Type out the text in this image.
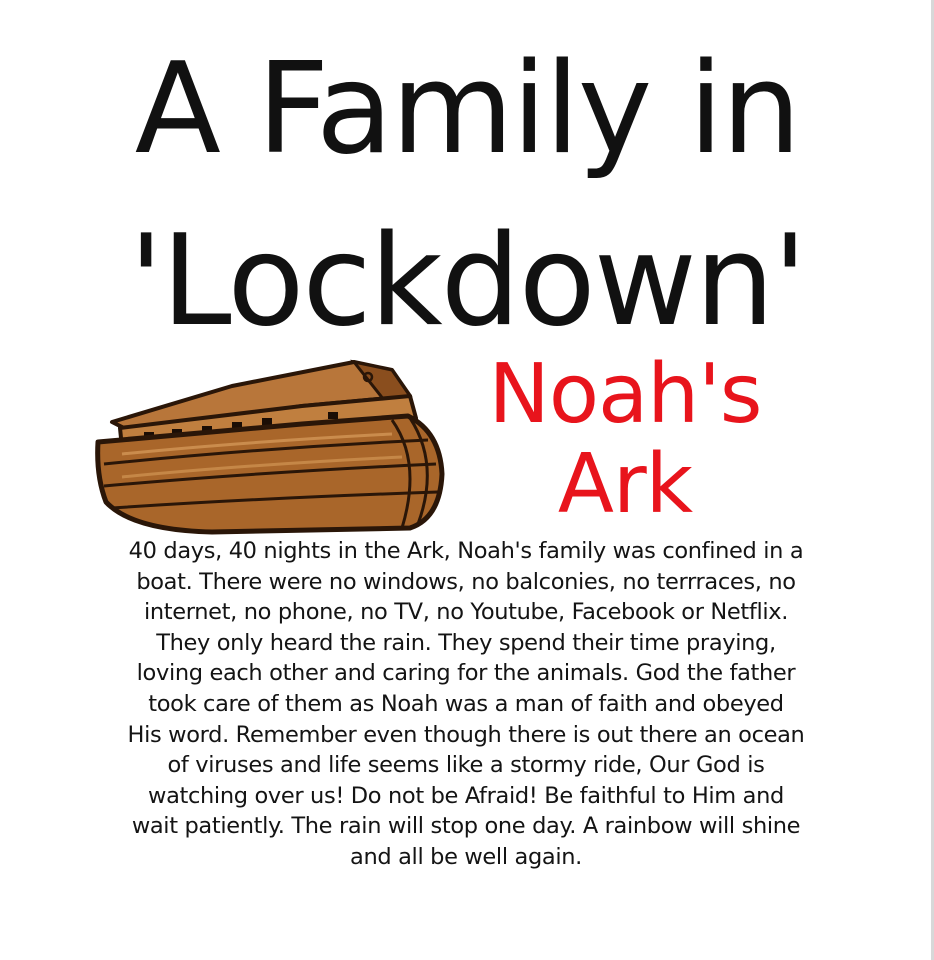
A Family in
'Lockdown'
Noah's
Ark
40 days, 40 nights in the Ark, Noah's family was confined in a
boat. There were no windows, no balconies, no terrraces, no
internet, no phone, no TV, no Youtube, Facebook or Netflix.
They only heard the rain. They spend their time praying,
loving each other and caring for the animals. God the father
took care of them as Noah was a man of faith and obeyed
His word. Remember even though there is out there an ocean
of viruses and life seems like a stormy ride, Our God is
watching over us! Do not be Afraid! Be faithful to Him and
wait patiently. The rain will stop one day. A rainbow will shine
and all be well again.
